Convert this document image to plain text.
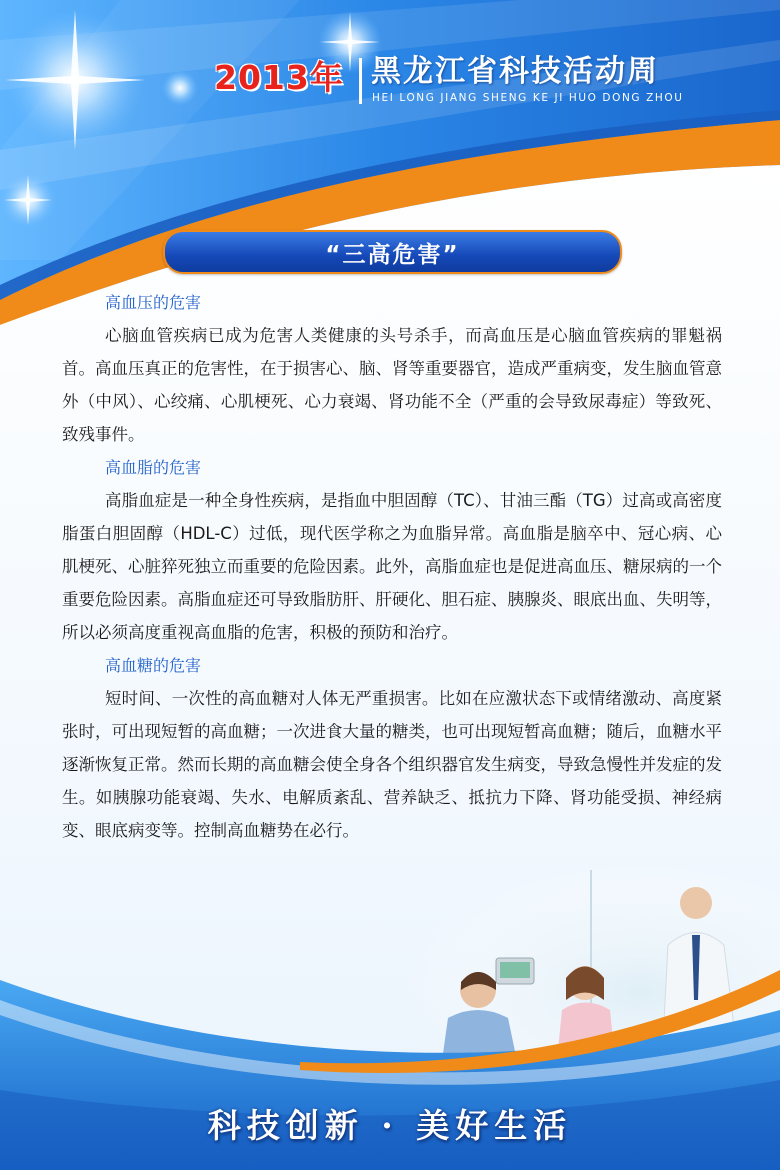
2013年 黑龙江省科技活动周
HEI LONG JIANG SHENG KE JI HUO DONG ZHOU
“三高危害”
高血压的危害

心脑血管疾病已成为危害人类健康的头号杀手，而高血压是心脑血管疾病的罪魁祸首。高血压真正的危害性，在于损害心、脑、肾等重要器官，造成严重病变，发生脑血管意外（中风）、心绞痛、心肌梗死、心力衰竭、肾功能不全（严重的会导致尿毒症）等致死、致残事件。

高血脂的危害

高脂血症是一种全身性疾病，是指血中胆固醇（TC）、甘油三酯（TG）过高或高密度脂蛋白胆固醇（HDL-C）过低，现代医学称之为血脂异常。高血脂是脑卒中、冠心病、心肌梗死、心脏猝死独立而重要的危险因素。此外，高脂血症也是促进高血压、糖尿病的一个重要危险因素。高脂血症还可导致脂肪肝、肝硬化、胆石症、胰腺炎、眼底出血、失明等，所以必须高度重视高血脂的危害，积极的预防和治疗。

高血糖的危害

短时间、一次性的高血糖对人体无严重损害。比如在应激状态下或情绪激动、高度紧张时，可出现短暂的高血糖；一次进食大量的糖类，也可出现短暂高血糖；随后，血糖水平逐渐恢复正常。然而长期的高血糖会使全身各个组织器官发生病变，导致急慢性并发症的发生。如胰腺功能衰竭、失水、电解质紊乱、营养缺乏、抵抗力下降、肾功能受损、神经病变、眼底病变等。控制高血糖势在必行。

科技创新 · 美好生活
